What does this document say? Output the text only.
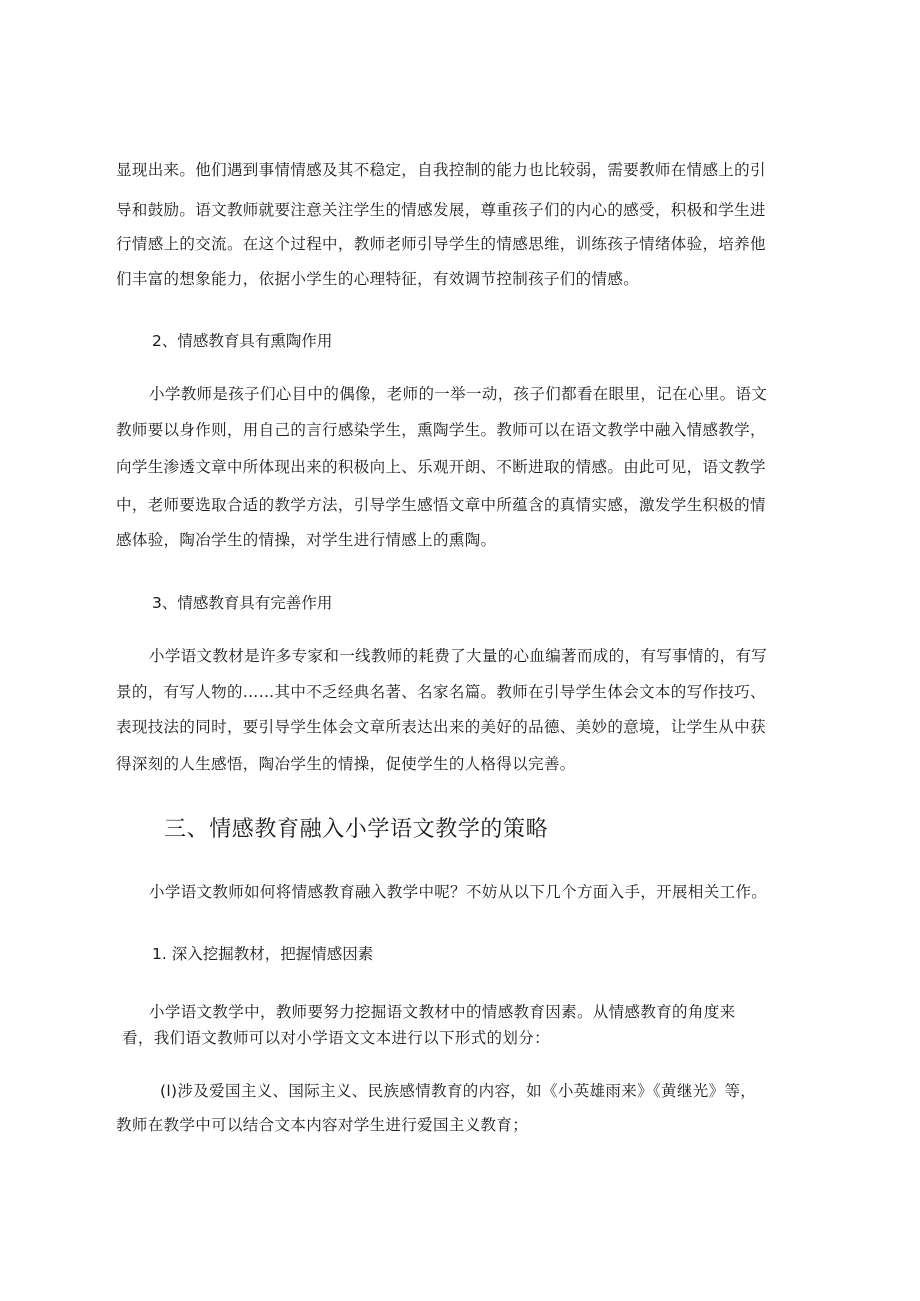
显现出来。他们遇到事情情感及其不稳定，自我控制的能力也比较弱，需要教师在情感上的引
导和鼓励。语文教师就要注意关注学生的情感发展，尊重孩子们的内心的感受，积极和学生进
行情感上的交流。在这个过程中，教师老师引导学生的情感思维，训练孩子情绪体验，培养他
们丰富的想象能力，依据小学生的心理特征，有效调节控制孩子们的情感。
2、情感教育具有熏陶作用
小学教师是孩子们心目中的偶像，老师的一举一动，孩子们都看在眼里，记在心里。语文
教师要以身作则，用自己的言行感染学生，熏陶学生。教师可以在语文教学中融入情感教学，
向学生渗透文章中所体现出来的积极向上、乐观开朗、不断进取的情感。由此可见，语文教学
中，老师要选取合适的教学方法，引导学生感悟文章中所蕴含的真情实感，激发学生积极的情
感体验，陶冶学生的情操，对学生进行情感上的熏陶。
3、情感教育具有完善作用
小学语文教材是许多专家和一线教师的耗费了大量的心血编著而成的，有写事情的，有写
景的，有写人物的……其中不乏经典名著、名家名篇。教师在引导学生体会文本的写作技巧、
表现技法的同时，要引导学生体会文章所表达出来的美好的品德、美妙的意境，让学生从中获
得深刻的人生感悟，陶冶学生的情操，促使学生的人格得以完善。
三、情感教育融入小学语文教学的策略
小学语文教师如何将情感教育融入教学中呢？不妨从以下几个方面入手，开展相关工作。
1. 深入挖掘教材，把握情感因素
小学语文教学中，教师要努力挖掘语文教材中的情感教育因素。从情感教育的角度来
看，我们语文教师可以对小学语文文本进行以下形式的划分：
(l)涉及爱国主义、国际主义、民族感情教育的内容，如《小英雄雨来》《黄继光》等，
教师在教学中可以结合文本内容对学生进行爱国主义教育；
